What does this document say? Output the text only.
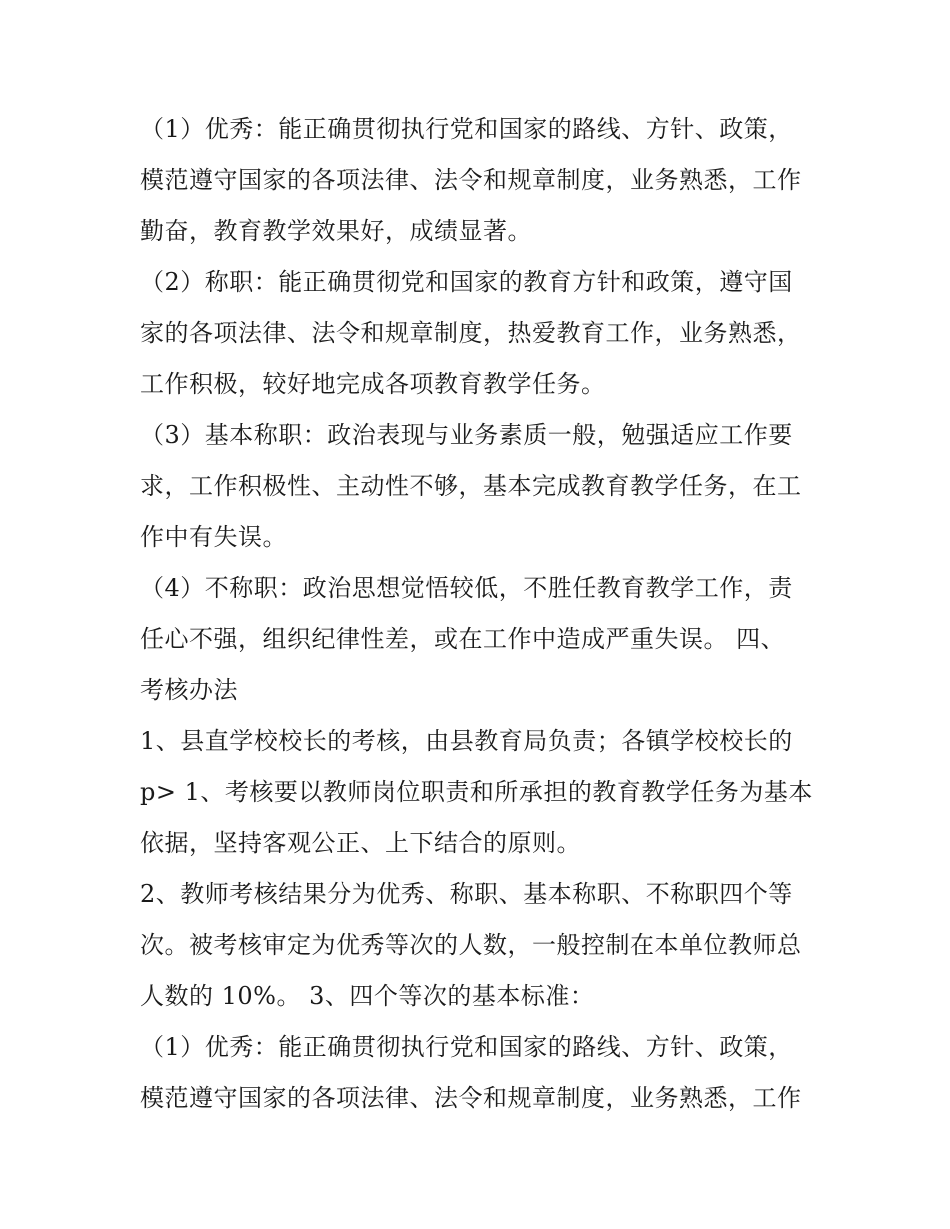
（1）优秀：能正确贯彻执行党和国家的路线、方针、政策，
模范遵守国家的各项法律、法令和规章制度，业务熟悉，工作
勤奋，教育教学效果好，成绩显著。
（2）称职：能正确贯彻党和国家的教育方针和政策，遵守国
家的各项法律、法令和规章制度，热爱教育工作，业务熟悉，
工作积极，较好地完成各项教育教学任务。
（3）基本称职：政治表现与业务素质一般，勉强适应工作要
求，工作积极性、主动性不够，基本完成教育教学任务，在工
作中有失误。
（4）不称职：政治思想觉悟较低，不胜任教育教学工作，责
任心不强，组织纪律性差，或在工作中造成严重失误。 四、
考核办法
1、县直学校校长的考核，由县教育局负责；各镇学校校长的
p> 1、考核要以教师岗位职责和所承担的教育教学任务为基本
依据，坚持客观公正、上下结合的原则。
2、教师考核结果分为优秀、称职、基本称职、不称职四个等
次。被考核审定为优秀等次的人数，一般控制在本单位教师总
人数的 10%。 3、四个等次的基本标准：
（1）优秀：能正确贯彻执行党和国家的路线、方针、政策，
模范遵守国家的各项法律、法令和规章制度，业务熟悉，工作
